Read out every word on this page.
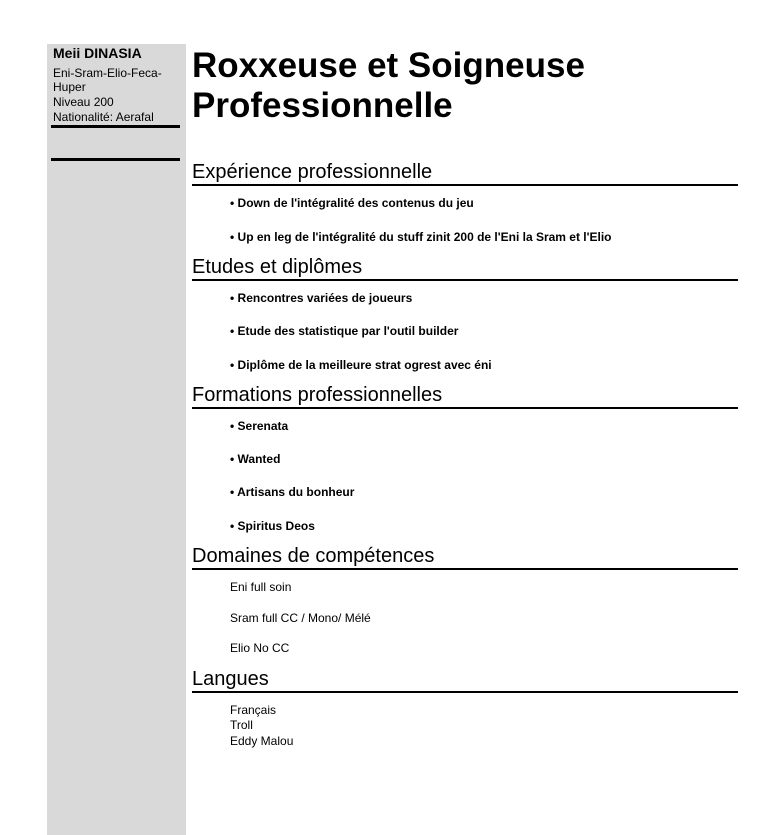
Meii DINASIA
Eni-Sram-Elio-Feca-
Huper
Niveau 200
Nationalité: Aerafal
Roxxeuse et Soigneuse
Professionnelle
Expérience professionnelle
• Down de l'intégralité des contenus du jeu
• Up en leg de l'intégralité du stuff zinit 200 de l'Eni la Sram et l'Elio
Etudes et diplômes
• Rencontres variées de joueurs
• Etude des statistique par l'outil builder
• Diplôme de la meilleure strat ogrest avec éni
Formations professionnelles
• Serenata
• Wanted
• Artisans du bonheur
• Spiritus Deos
Domaines de compétences
Eni full soin
Sram full CC / Mono/ Mélé
Elio No CC
Langues
Français
Troll
Eddy Malou
